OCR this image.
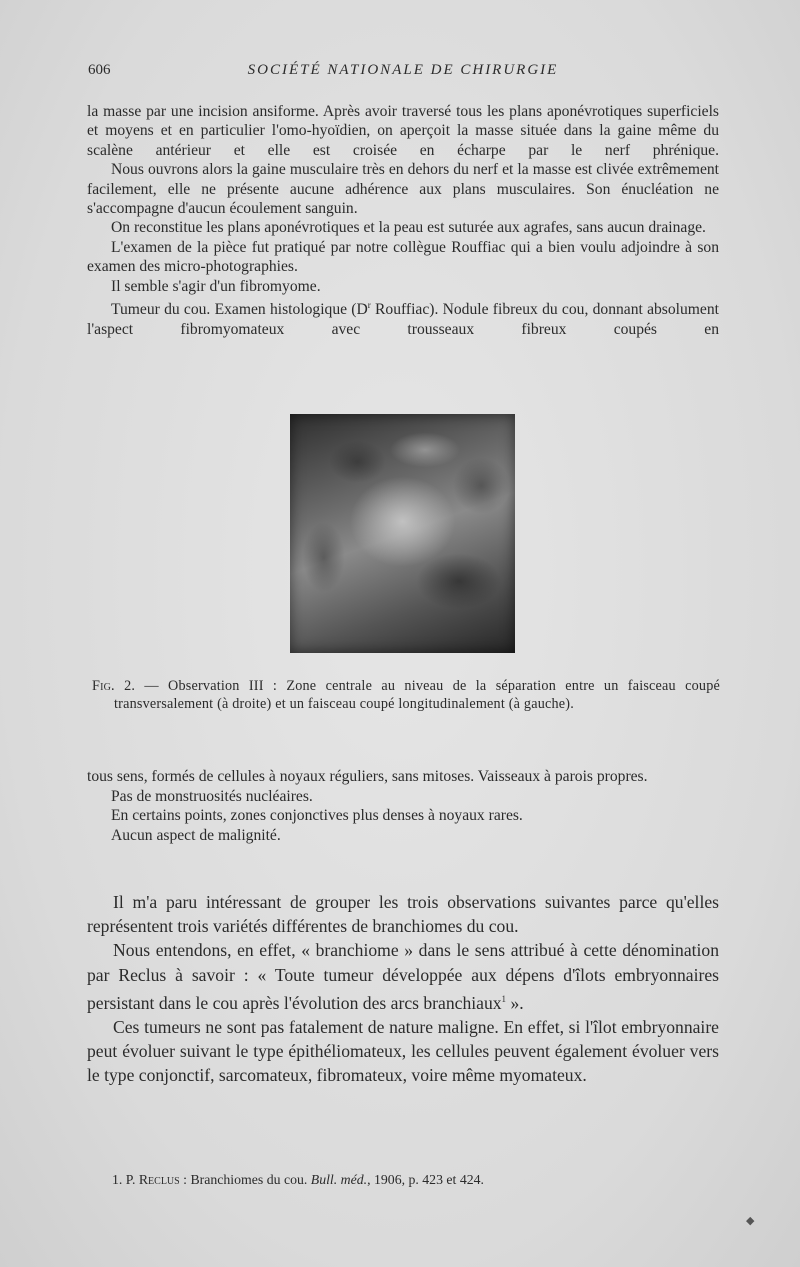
606	SOCIÉTÉ NATIONALE DE CHIRURGIE

la masse par une incision ansiforme. Après avoir traversé tous les plans aponévrotiques superficiels et moyens et en particulier l'omo-hyoïdien, on aperçoit la masse située dans la gaine même du scalène antérieur et elle est croisée en écharpe par le nerf phrénique.

Nous ouvrons alors la gaine musculaire très en dehors du nerf et la masse est clivée extrêmement facilement, elle ne présente aucune adhérence aux plans musculaires. Son énucléation ne s'accompagne d'aucun écoulement sanguin.

On reconstitue les plans aponévrotiques et la peau est suturée aux agrafes, sans aucun drainage.

L'examen de la pièce fut pratiqué par notre collègue Rouffiac qui a bien voulu adjoindre à son examen des micro-photographies.

Il semble s'agir d'un fibromyome.

Tumeur du cou. Examen histologique ($D^r$ Rouffiac). Nodule fibreux du cou, donnant absolument l'aspect fibromyomateux avec trousseaux fibreux coupés en

Fig. 2. — Observation III : Zone centrale au niveau de la séparation entre un faisceau coupé transversalement (à droite) et un faisceau coupé longitudinalement (à gauche).

tous sens, formés de cellules à noyaux réguliers, sans mitoses. Vaisseaux à parois propres.

Pas de monstruosités nucléaires.

En certains points, zones conjonctives plus denses à noyaux rares.

Aucun aspect de malignité.

Il m'a paru intéressant de grouper les trois observations suivantes parce qu'elles représentent trois variétés différentes de branchiomes du cou.

Nous entendons, en effet, « branchiome » dans le sens attribué à cette dénomination par Reclus à savoir : « Toute tumeur développée aux dépens d'îlots embryonnaires persistant dans le cou après l'évolution des arcs branchiaux$^1$ ».

Ces tumeurs ne sont pas fatalement de nature maligne. En effet, si l'îlot embryonnaire peut évoluer suivant le type épithéliomateux, les cellules peuvent également évoluer vers le type conjonctif, sarcomateux, fibromateux, voire même myomateux.

1. P. Reclus : Branchiomes du cou. Bull. méd., 1906, p. 423 et 424.
◆
